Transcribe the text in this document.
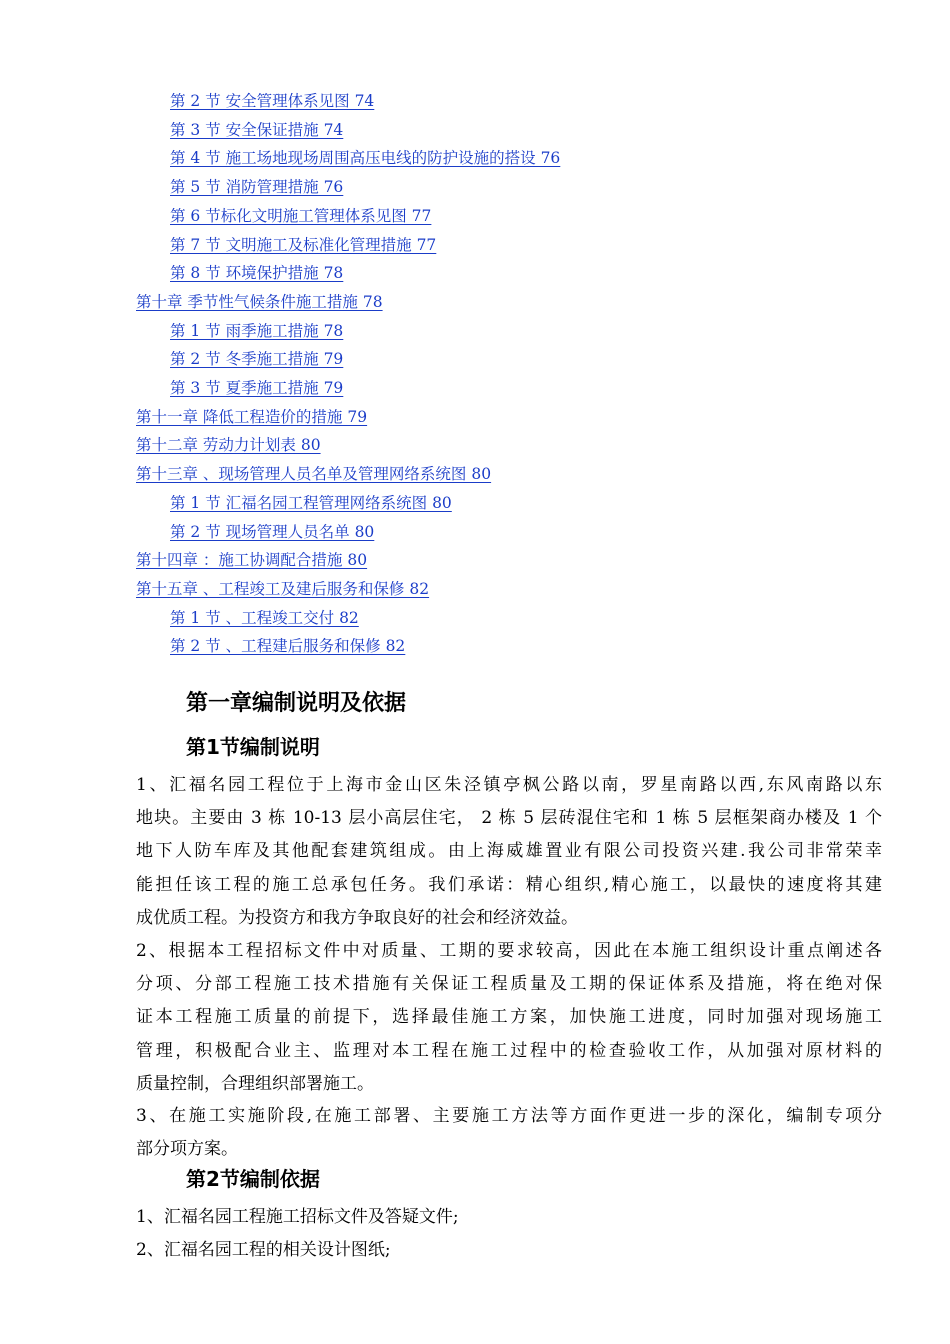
第 2 节 安全管理体系见图 74
第 3 节 安全保证措施 74
第 4 节 施工场地现场周围高压电线的防护设施的搭设 76
第 5 节 消防管理措施 76
第 6 节标化文明施工管理体系见图 77
第 7 节 文明施工及标准化管理措施 77
第 8 节 环境保护措施 78
第十章 季节性气候条件施工措施 78
第 1 节 雨季施工措施 78
第 2 节 冬季施工措施 79
第 3 节 夏季施工措施 79
第十一章 降低工程造价的措施 79
第十二章 劳动力计划表 80
第十三章 、现场管理人员名单及管理网络系统图 80
第 1 节 汇福名园工程管理网络系统图 80
第 2 节 现场管理人员名单 80
第十四章 ：施工协调配合措施 80
第十五章 、工程竣工及建后服务和保修 82
第 1 节 、工程竣工交付 82
第 2 节 、工程建后服务和保修 82
第一章编制说明及依据
第1节编制说明
1、汇福名园工程位于上海市金山区朱泾镇亭枫公路以南，罗星南路以西,东风南路以东
地块。主要由 3 栋 10-13 层小高层住宅， 2 栋 5 层砖混住宅和 1 栋 5 层框架商办楼及 1 个
地下人防车库及其他配套建筑组成。由上海威雄置业有限公司投资兴建.我公司非常荣幸
能担任该工程的施工总承包任务。我们承诺：精心组织,精心施工，以最快的速度将其建
成优质工程。为投资方和我方争取良好的社会和经济效益。
2、根据本工程招标文件中对质量、工期的要求较高，因此在本施工组织设计重点阐述各
分项、分部工程施工技术措施有关保证工程质量及工期的保证体系及措施，将在绝对保
证本工程施工质量的前提下，选择最佳施工方案，加快施工进度，同时加强对现场施工
管理，积极配合业主、监理对本工程在施工过程中的检查验收工作，从加强对原材料的
质量控制，合理组织部署施工。
3、在施工实施阶段,在施工部署、主要施工方法等方面作更进一步的深化，编制专项分
部分项方案。
第2节编制依据
1、汇福名园工程施工招标文件及答疑文件;
2、汇福名园工程的相关设计图纸;
